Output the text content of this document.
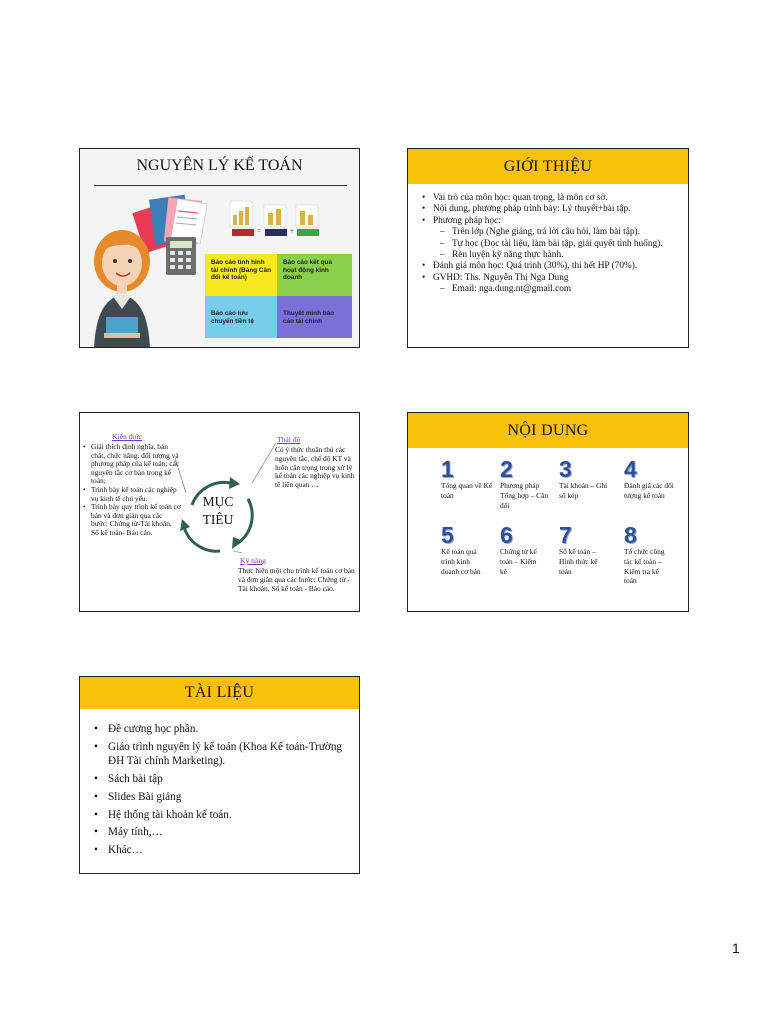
NGUYÊN LÝ KẾ TOÁN
=	+
Báo cáo tình hình tài chính (Bảng Cân đối kế toán)
Báo cáo kết quả hoạt động kinh doanh
Báo cáo lưu chuyển tiền tệ
Thuyết minh báo cáo tài chính
GIỚI THIỆU
• Vai trò của môn học: quan trọng, là môn cơ sở.
• Nội dung, phương pháp trình bày: Lý thuyết+bài tập.
• Phương pháp học:
– Trên lớp (Nghe giảng, trả lời câu hỏi, làm bài tập).
– Tự học (Đọc tài liệu, làm bài tập, giải quyết tình huống).
– Rèn luyện kỹ năng thực hành.
• Đánh giá môn học: Quá trình (30%), thi hết HP (70%).
• GVHD: Ths. Nguyễn Thị Nga Dung
– Email: nga.dung.nt@gmail.com
MỤC TIÊU
Kiến thức
• Giải thích định nghĩa, bản chất, chức năng, đối tượng và phương pháp của kế toán; các nguyên tắc cơ bản trong kế toán;
• Trình bày kế toán các nghiệp vụ kinh tế chủ yếu.
• Trình bày quy trình kế toán cơ bản và đơn giản qua các bước: Chứng từ-Tài khoản, Sổ kế toán- Báo cáo.
Thái độ
Có ý thức thuân thủ các nguyên tắc, chế độ KT và luôn cân trọng trong xử lý kế toán các nghiệp vụ kinh tế liên quan …
Kỹ năng
Thực hiện một chu trình kế toán cơ bản và đơn giản qua các bước: Chứng từ - Tài khoản, Sổ kế toán - Báo cáo.
NỘI DUNG
1
Tổng quan về Kế toán
2
Phương pháp Tổng hợp – Cân đối
3
Tài khoản – Ghi sổ kép
4
Đánh giá các đối tượng kế toán
5
Kế toán quá trình kinh doanh cơ bản
6
Chứng từ kế toán – Kiểm kê
7
Sổ kế toán – Hình thức kế toán
8
Tổ chức công tác kế toán – Kiểm tra kế toán
TÀI LIỆU
• Đề cương học phần.
• Giáo trình nguyên lý kế toán (Khoa Kế toán-Trường ĐH Tài chính Marketing).
• Sách bài tập
• Slides Bài giảng
• Hệ thống tài khoản kế toán.
• Máy tính,…
• Khác…
1
